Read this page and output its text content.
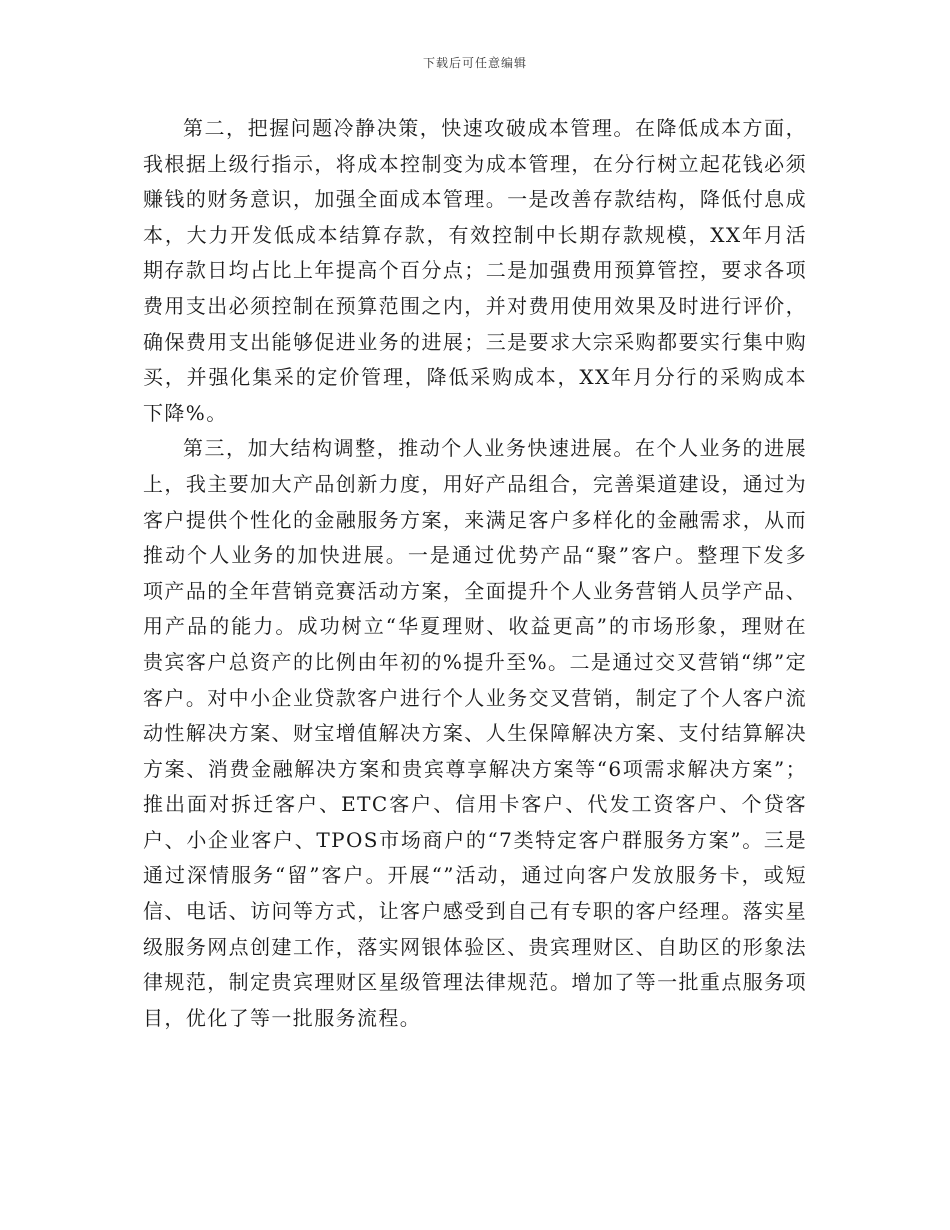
下载后可任意编辑

第二，把握问题冷静决策，快速攻破成本管理。在降低成本方面，我根据上级行指示，将成本控制变为成本管理，在分行树立起花钱必须赚钱的财务意识，加强全面成本管理。一是改善存款结构，降低付息成本，大力开发低成本结算存款，有效控制中长期存款规模，XX年月活期存款日均占比上年提高个百分点；二是加强费用预算管控，要求各项费用支出必须控制在预算范围之内，并对费用使用效果及时进行评价，确保费用支出能够促进业务的进展；三是要求大宗采购都要实行集中购买，并强化集采的定价管理，降低采购成本，XX年月分行的采购成本下降%。

第三，加大结构调整，推动个人业务快速进展。在个人业务的进展上，我主要加大产品创新力度，用好产品组合，完善渠道建设，通过为客户提供个性化的金融服务方案，来满足客户多样化的金融需求，从而推动个人业务的加快进展。一是通过优势产品“聚”客户。整理下发多项产品的全年营销竞赛活动方案，全面提升个人业务营销人员学产品、用产品的能力。成功树立“华夏理财、收益更高”的市场形象，理财在贵宾客户总资产的比例由年初的%提升至%。二是通过交叉营销“绑”定客户。对中小企业贷款客户进行个人业务交叉营销，制定了个人客户流动性解决方案、财宝增值解决方案、人生保障解决方案、支付结算解决方案、消费金融解决方案和贵宾尊享解决方案等“6项需求解决方案”；推出面对拆迁客户、ETC客户、信用卡客户、代发工资客户、个贷客户、小企业客户、TPOS市场商户的“7类特定客户群服务方案”。三是通过深情服务“留”客户。开展“”活动，通过向客户发放服务卡，或短信、电话、访问等方式，让客户感受到自己有专职的客户经理。落实星级服务网点创建工作，落实网银体验区、贵宾理财区、自助区的形象法律规范，制定贵宾理财区星级管理法律规范。增加了等一批重点服务项目，优化了等一批服务流程。
